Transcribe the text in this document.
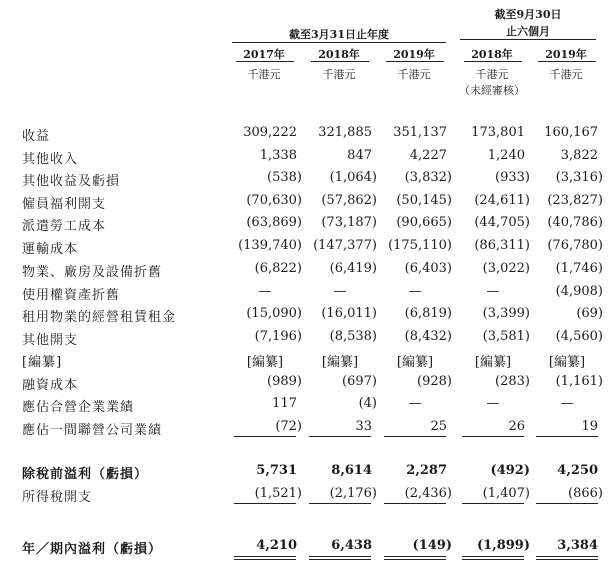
截至3月31日止年度
截至9月30日
止六個月
2017年	2018年	2019年	2018年	2019年
千港元	千港元	千港元	千港元	千港元
（未經審核）
收益	309,222	321,885	351,137	173,801	160,167
其他收入	1,338	847	4,227	1,240	3,822
其他收益及虧損	(538)	(1,064)	(3,832)	(933)	(3,316)
僱員福利開支	(70,630)	(57,862)	(50,145)	(24,611)	(23,827)
派遣勞工成本	(63,869)	(73,187)	(90,665)	(44,705)	(40,786)
運輸成本	(139,740) (147,377) (175,110)	(86,311)	(76,780)
物業、廠房及設備折舊	(6,822)	(6,419)	(6,403)	(3,022)	(1,746)
使用權資產折舊	—	—	—	—	(4,908)
租用物業的經營租賃租金	(15,090)	(16,011)	(6,819)	(3,399)	(69)
其他開支	(7,196)	(8,538)	(8,432)	(3,581)	(4,560)
[編纂]	[編纂]	[編纂]	[編纂]	[編纂]	[編纂]
融資成本	(989)	(697)	(928)	(283)	(1,161)
應佔合營企業業績	117	(4)	—	—	—
應佔一間聯營公司業績	(72)	33	25	26	19
除稅前溢利（虧損）	5,731	8,614	2,287	(492)	4,250
所得稅開支	(1,521)	(2,176)	(2,436)	(1,407)	(866)
年／期內溢利（虧損）	4,210	6,438	(149)	(1,899)	3,384
